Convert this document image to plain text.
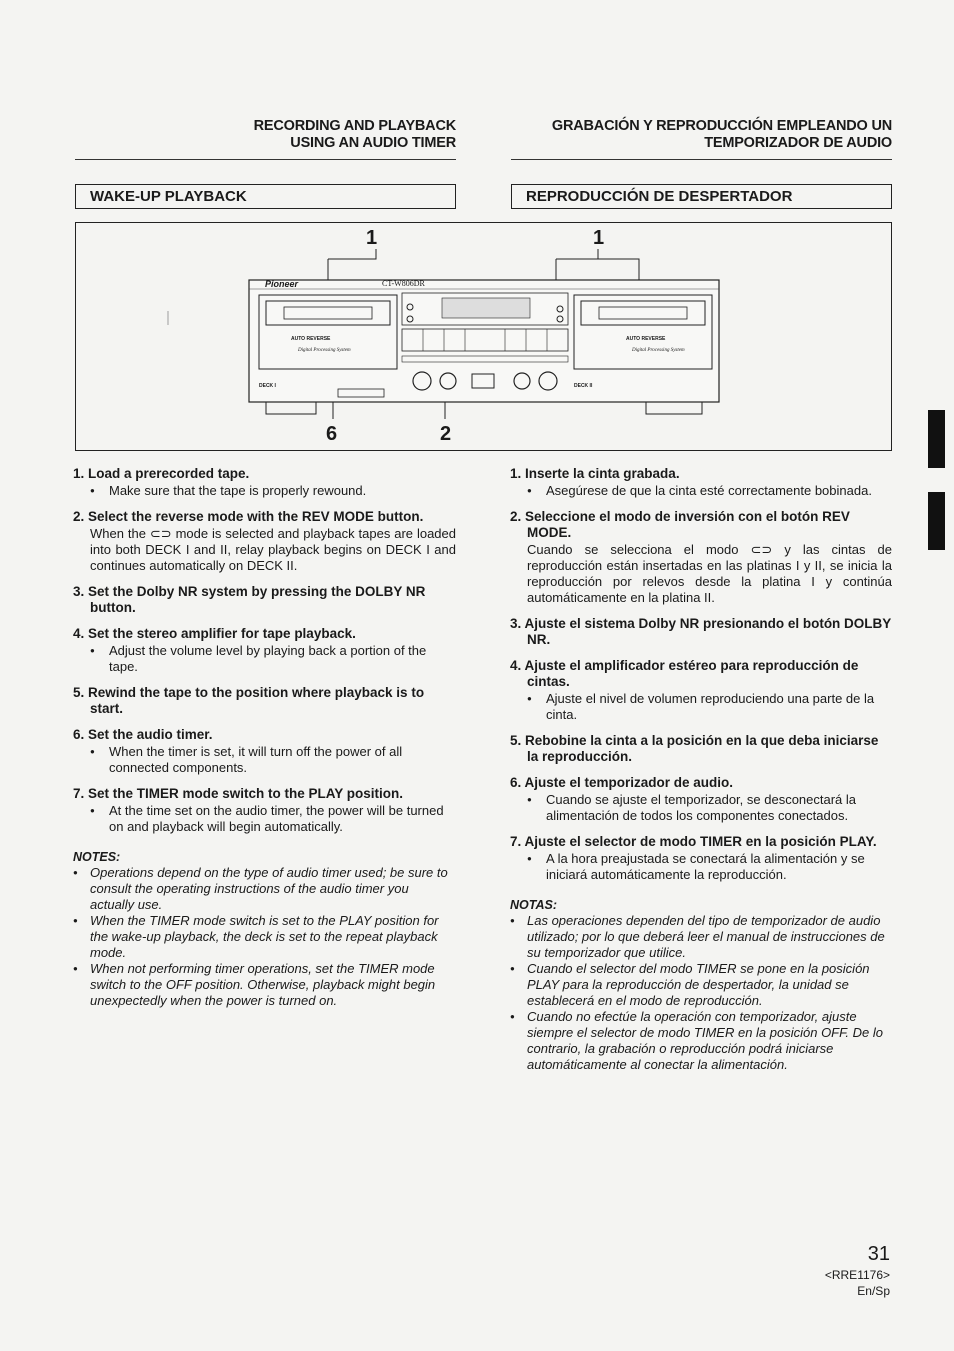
RECORDING AND PLAYBACK USING AN AUDIO TIMER
GRABACIÓN Y REPRODUCCIÓN EMPLEANDO UN TEMPORIZADOR DE AUDIO
WAKE-UP PLAYBACK	REPRODUCCIÓN DE DESPERTADOR
1	1
6	2
Pioneer	CT-W806DR
AUTO REVERSE	AUTO REVERSE
Digital Processing System	Digital Processing System
DECK I	DECK II
1. Load a prerecorded tape.
● Make sure that the tape is properly rewound.
2. Select the reverse mode with the REV MODE button.
When the ⊂⊃ mode is selected and playback tapes are loaded into both DECK I and II, relay playback begins on DECK I and continues automatically on DECK II.
3. Set the Dolby NR system by pressing the DOLBY NR button.
4. Set the stereo amplifier for tape playback.
● Adjust the volume level by playing back a portion of the tape.
5. Rewind the tape to the position where playback is to start.
6. Set the audio timer.
● When the timer is set, it will turn off the power of all connected components.
7. Set the TIMER mode switch to the PLAY position.
● At the time set on the audio timer, the power will be turned on and playback will begin automatically.
NOTES:
● Operations depend on the type of audio timer used; be sure to consult the operating instructions of the audio timer you actually use.
● When the TIMER mode switch is set to the PLAY position for the wake-up playback, the deck is set to the repeat playback mode.
● When not performing timer operations, set the TIMER mode switch to the OFF position. Otherwise, playback might begin unexpectedly when the power is turned on.
1. Inserte la cinta grabada.
● Asegúrese de que la cinta esté correctamente bobinada.
2. Seleccione el modo de inversión con el botón REV MODE.
Cuando se selecciona el modo ⊂⊃ y las cintas de reproducción están insertadas en las platinas I y II, se inicia la reproducción por relevos desde la platina I y continúa automáticamente en la platina II.
3. Ajuste el sistema Dolby NR presionando el botón DOLBY NR.
4. Ajuste el amplificador estéreo para reproducción de cintas.
● Ajuste el nivel de volumen reproduciendo una parte de la cinta.
5. Rebobine la cinta a la posición en la que deba iniciarse la reproducción.
6. Ajuste el temporizador de audio.
● Cuando se ajuste el temporizador, se desconectará la alimentación de todos los componentes conectados.
7. Ajuste el selector de modo TIMER en la posición PLAY.
● A la hora preajustada se conectará la alimentación y se iniciará automáticamente la reproducción.
NOTAS:
● Las operaciones dependen del tipo de temporizador de audio utilizado; por lo que deberá leer el manual de instrucciones de su temporizador que utilice.
● Cuando el selector del modo TIMER se pone en la posición PLAY para la reproducción de despertador, la unidad se establecerá en el modo de reproducción.
● Cuando no efectúe la operación con temporizador, ajuste siempre el selector de modo TIMER en la posición OFF. De lo contrario, la grabación o reproducción podrá iniciarse automáticamente al conectar la alimentación.
31
<RRE1176>
En/Sp
